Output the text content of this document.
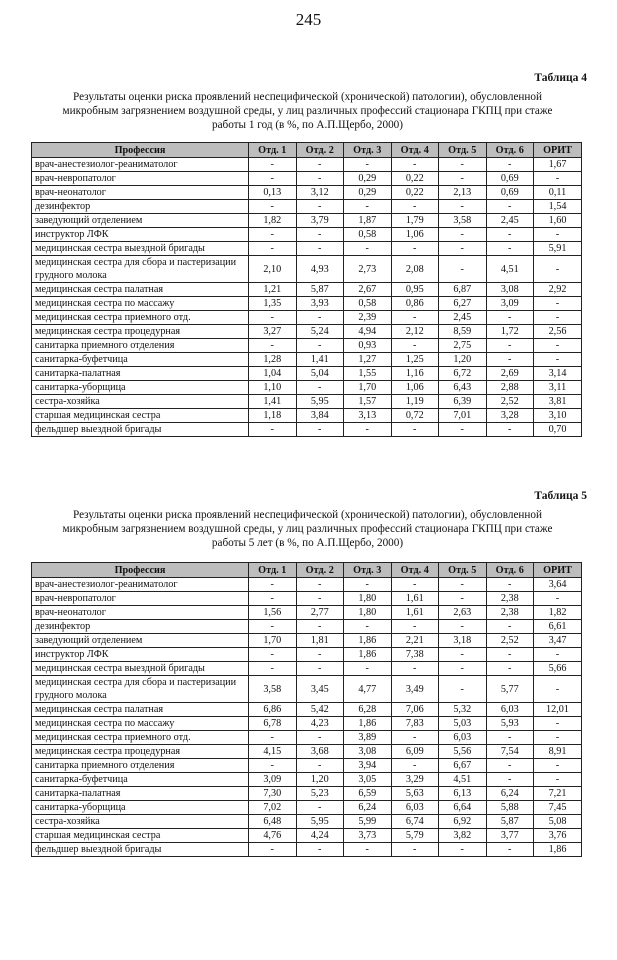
245
Таблица 4
Результаты оценки риска проявлений неспецифической (хронической) патологии), обусловленной
микробным загрязнением воздушной среды, у лиц различных профессий стационара ГКПЦ при стаже
работы 1 год (в %, по А.П.Щербо, 2000)
Профессия	Отд. 1	Отд. 2	Отд. 3	Отд. 4	Отд. 5	Отд. 6	ОРИТ
врач-анестезиолог-реаниматолог	-	-	-	-	-	-	1,67
врач-невропатолог	-	-	0,29	0,22	-	0,69	-
врач-неонатолог	0,13	3,12	0,29	0,22	2,13	0,69	0,11
дезинфектор	-	-	-	-	-	-	1,54
заведующий отделением	1,82	3,79	1,87	1,79	3,58	2,45	1,60
инструктор ЛФК	-	-	0,58	1,06	-	-	-
медицинская сестра выездной бригады	-	-	-	-	-	-	5,91
медицинская сестра для сбора и пастеризации грудного молока	2,10	4,93	2,73	2,08	-	4,51	-
медицинская сестра палатная	1,21	5,87	2,67	0,95	6,87	3,08	2,92
медицинская сестра по массажу	1,35	3,93	0,58	0,86	6,27	3,09	-
медицинская сестра приемного отд.	-	-	2,39	-	2,45	-	-
медицинская сестра процедурная	3,27	5,24	4,94	2,12	8,59	1,72	2,56
санитарка приемного отделения	-	-	0,93	-	2,75	-	-
санитарка-буфетчица	1,28	1,41	1,27	1,25	1,20	-	-
санитарка-палатная	1,04	5,04	1,55	1,16	6,72	2,69	3,14
санитарка-уборщица	1,10	-	1,70	1,06	6,43	2,88	3,11
сестра-хозяйка	1,41	5,95	1,57	1,19	6,39	2,52	3,81
старшая медицинская сестра	1,18	3,84	3,13	0,72	7,01	3,28	3,10
фельдшер выездной бригады	-	-	-	-	-	-	0,70
Таблица 5
Результаты оценки риска проявлений неспецифической (хронической) патологии), обусловленной
микробным загрязнением воздушной среды, у лиц различных профессий стационара ГКПЦ при стаже
работы 5 лет (в %, по А.П.Щербо, 2000)
Профессия	Отд. 1	Отд. 2	Отд. 3	Отд. 4	Отд. 5	Отд. 6	ОРИТ
врач-анестезиолог-реаниматолог	-	-	-	-	-	-	3,64
врач-невропатолог	-	-	1,80	1,61	-	2,38	-
врач-неонатолог	1,56	2,77	1,80	1,61	2,63	2,38	1,82
дезинфектор	-	-	-	-	-	-	6,61
заведующий отделением	1,70	1,81	1,86	2,21	3,18	2,52	3,47
инструктор ЛФК	-	-	1,86	7,38	-	-	-
медицинская сестра выездной бригады	-	-	-	-	-	-	5,66
медицинская сестра для сбора и пастеризации грудного молока	3,58	3,45	4,77	3,49	-	5,77	-
медицинская сестра палатная	6,86	5,42	6,28	7,06	5,32	6,03	12,01
медицинская сестра по массажу	6,78	4,23	1,86	7,83	5,03	5,93	-
медицинская сестра приемного отд.	-	-	3,89	-	6,03	-	-
медицинская сестра процедурная	4,15	3,68	3,08	6,09	5,56	7,54	8,91
санитарка приемного отделения	-	-	3,94	-	6,67	-	-
санитарка-буфетчица	3,09	1,20	3,05	3,29	4,51	-	-
санитарка-палатная	7,30	5,23	6,59	5,63	6,13	6,24	7,21
санитарка-уборщица	7,02	-	6,24	6,03	6,64	5,88	7,45
сестра-хозяйка	6,48	5,95	5,99	6,74	6,92	5,87	5,08
старшая медицинская сестра	4,76	4,24	3,73	5,79	3,82	3,77	3,76
фельдшер выездной бригады	-	-	-	-	-	-	1,86
